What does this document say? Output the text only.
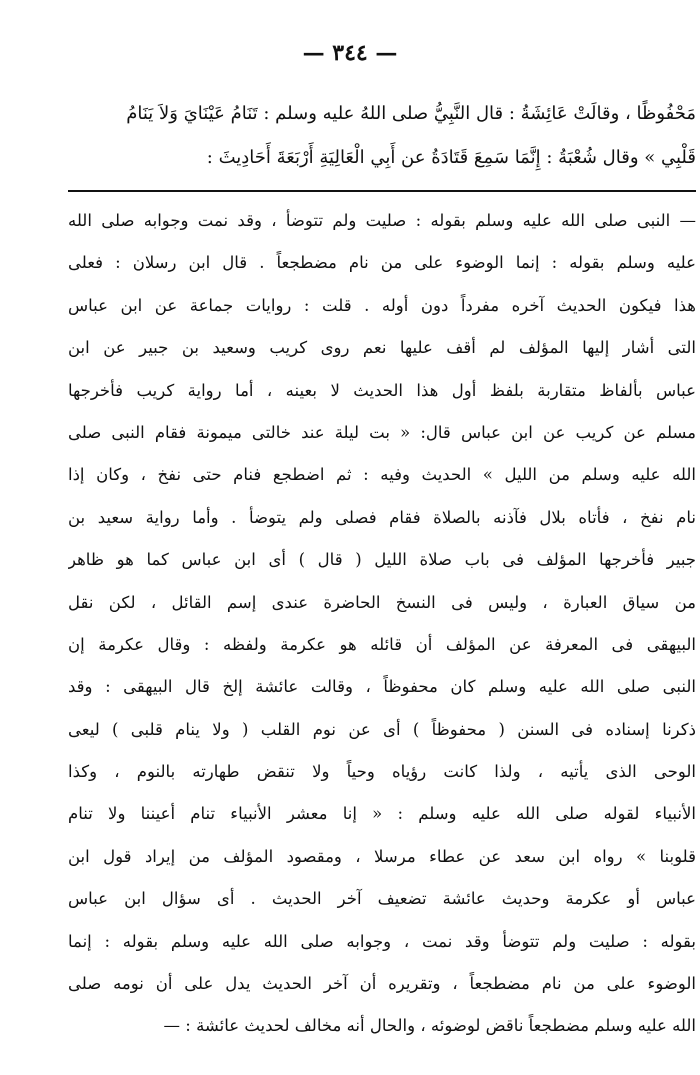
— ٣٤٤ —
مَحْفُوظًا ، وقالَتْ عَائِشَةُ : قال النَّبِيُّ صلى اللهُ عليه وسلم : تَنَامُ عَيْنَايَ وَلاَ يَنَامُ
قَلْبِي » وقال شُعْبَةُ : إِنَّمَا سَمِعَ قَتَادَةُ عن أَبِي الْعَالِيَةِ أَرْبَعَةَ أَحَادِيثَ :
— النبى صلى الله عليه وسلم بقوله : صليت ولم تتوضأ ، وقد نمت وجوابه صلى الله
عليه وسلم بقوله : إنما الوضوء على من نام مضطجعاً . قال ابن رسلان : فعلى
هذا فيكون الحديث آخره مفرداً دون أوله . قلت : روايات جماعة عن ابن عباس
التى أشار إليها المؤلف لم أقف عليها نعم روى كريب وسعيد بن جبير عن ابن
عباس بألفاظ متقاربة بلفظ أول هذا الحديث لا بعينه ، أما رواية كريب فأخرجها
مسلم عن كريب عن ابن عباس قال: « بت ليلة عند خالتى ميمونة فقام النبى صلى
الله عليه وسلم من الليل » الحديث وفيه : ثم اضطجع فنام حتى نفخ ، وكان إذا
نام نفخ ، فأتاه بلال فآذنه بالصلاة فقام فصلى ولم يتوضأ . وأما رواية سعيد بن
جبير فأخرجها المؤلف فى باب صلاة الليل ( قال ) أى ابن عباس كما هو ظاهر
من سياق العبارة ، وليس فى النسخ الحاضرة عندى إسم القائل ، لكن نقل
البيهقى فى المعرفة عن المؤلف أن قائله هو عكرمة ولفظه : وقال عكرمة إن
النبى صلى الله عليه وسلم كان محفوظاً ، وقالت عائشة إلخ قال البيهقى : وقد
ذكرنا إسناده فى السنن ( محفوظاً ) أى عن نوم القلب ( ولا ينام قلبى ) ليعى
الوحى الذى يأتيه ، ولذا كانت رؤياه وحياً ولا تنقض طهارته بالنوم ، وكذا
الأنبياء لقوله صلى الله عليه وسلم : « إنا معشر الأنبياء تنام أعيننا ولا تنام
قلوبنا » رواه ابن سعد عن عطاء مرسلا ، ومقصود المؤلف من إيراد قول ابن
عباس أو عكرمة وحديث عائشة تضعيف آخر الحديث . أى سؤال ابن عباس
بقوله : صليت ولم تتوضأ وقد نمت ، وجوابه صلى الله عليه وسلم بقوله : إنما
الوضوء على من نام مضطجعاً ، وتقريره أن آخر الحديث يدل على أن نومه صلى
الله عليه وسلم مضطجعاً ناقض لوضوئه ، والحال أنه مخالف لحديث عائشة : —
